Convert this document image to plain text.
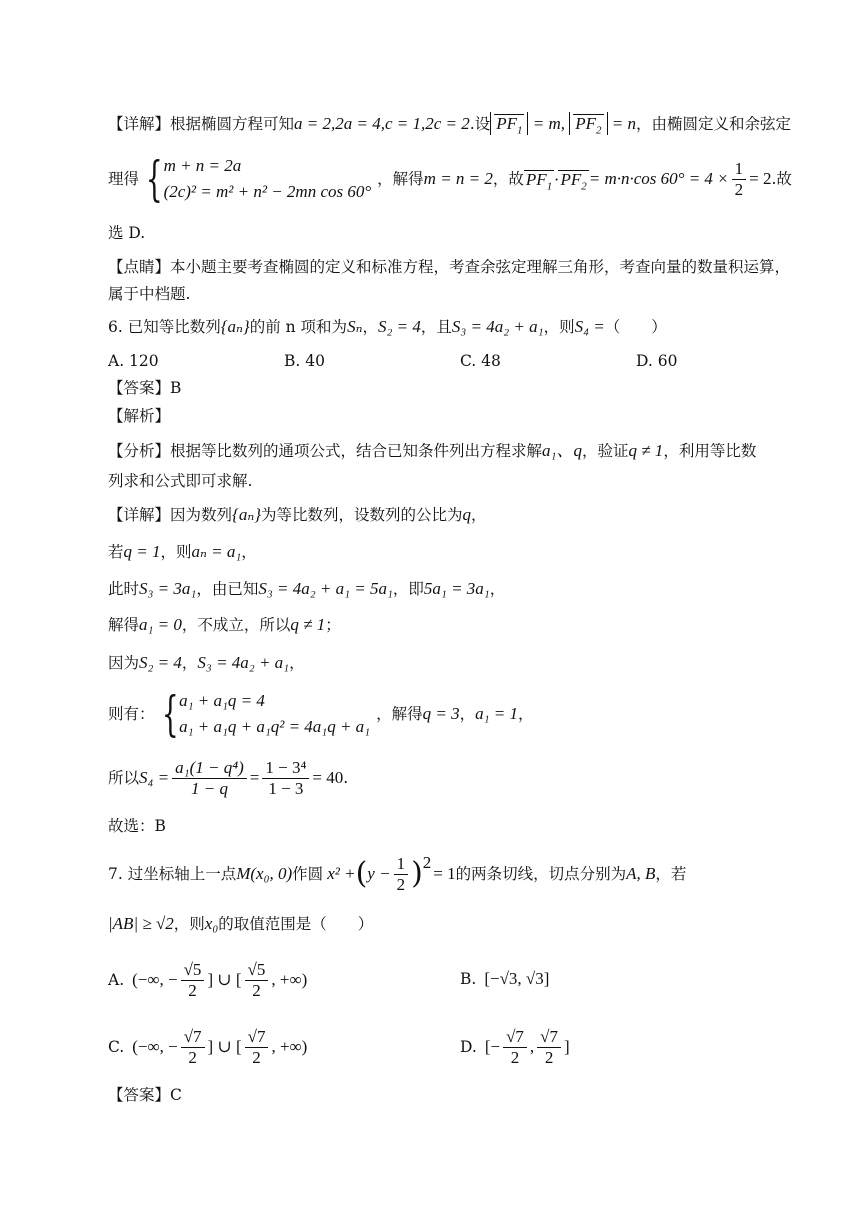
【详解】根据椭圆方程可知a = 2,2a = 4,c = 1,2c = 2.设 $PF_1 = m$, $PF_2 = n$，由椭圆定义和余弦定
理得 { m + n = 2a
(2c)² = m² + n² − 2mn cos 60°
，解得 m = n = 2 ，故 $PF_1 \cdot PF_2 = m\cdot n\cdot\cos$ $60^\circ = 4 \times \frac{1}{2} = 2$ .故
选 D.
【点睛】本小题主要考查椭圆的定义和标准方程，考查余弦定理解三角形，考查向量的数量积运算，
属于中档题.
6. 已知等比数列{aₙ}的前 n 项和为Sₙ，S₂ = 4，且S₃ = 4a₂ + a₁，则S₄ =（　　）
A. 120	B. 40	C. 48	D. 60
【答案】B
【解析】
【分析】根据等比数列的通项公式，结合已知条件列出方程求解a₁、q，验证q ≠ 1，利用等比数
列求和公式即可求解.
【详解】因为数列{aₙ}为等比数列，设数列的公比为q，
若q = 1，则aₙ = a₁，
此时S₃ = 3a₁，由已知S₃ = 4a₂ + a₁ = 5a₁，即5a₁ = 3a₁，
解得a₁ = 0，不成立，所以q ≠ 1；
因为S₂ = 4，S₃ = 4a₂ + a₁，
则有： { a₁ + a₁q = 4
a₁ + a₁q + a₁q² = 4a₁q + a₁
，解得 q = 3 ， a₁ = 1 ，
所以 $S_4 = \frac{\text{a₁(1 − q⁴)}}{1 - q} = \frac{\text{1 − 3⁴}}{1 - 3} = 40$ .
故选：B
7. 过坐标轴上一点 M(x₀, 0) 作圆 x² + ( $y - \frac{1}{2}$ ) 2
= 1 的两条切线，切点分别为 A, B ，若
|AB| ≥ √2，则x₀的取值范围是（　　）
A. (−∞, − $\frac{√5}{2}$ ] ∪ [ $\frac{√5}{2}$ , +∞)	B. [−√3, √3]
C. (−∞, − $\frac{√7}{2}$ ] ∪ [ $\frac{√7}{2}$ , +∞)	D. [− $\frac{√7}{2}$ , $\frac{√7}{2}$ ]
【答案】C
